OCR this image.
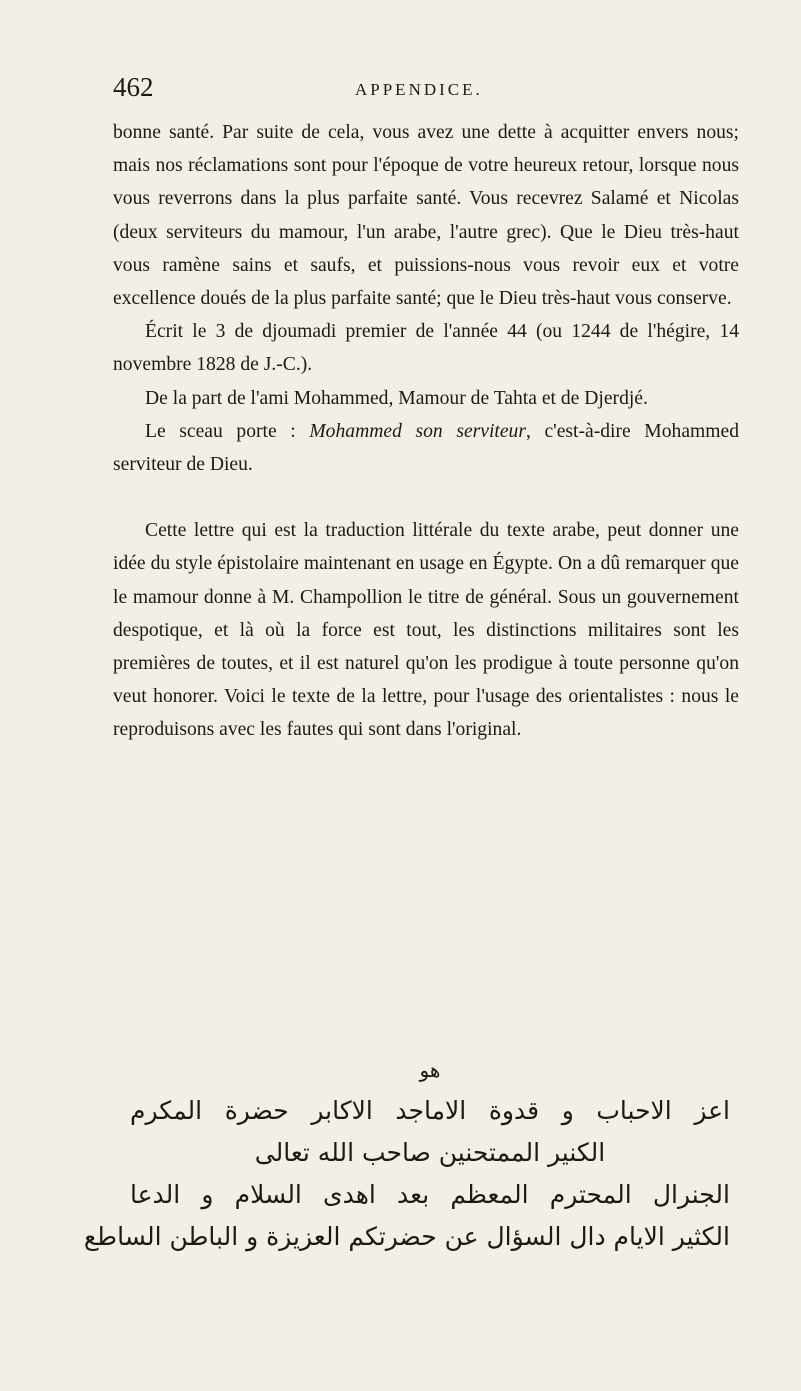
462	APPENDICE.

bonne santé. Par suite de cela, vous avez une dette à acquitter envers nous; mais nos réclamations sont pour l'époque de votre heureux retour, lorsque nous vous reverrons dans la plus parfaite santé. Vous recevrez Salamé et Nicolas (deux serviteurs du mamour, l'un arabe, l'autre grec). Que le Dieu très-haut vous ramène sains et saufs, et puissions-nous vous revoir eux et votre excellence doués de la plus parfaite santé; que le Dieu très-haut vous conserve.

Écrit le 3 de djoumadi premier de l'année 44 (ou 1244 de l'hégire, 14 novembre 1828 de J.-C.).

De la part de l'ami Mohammed, Mamour de Tahta et de Djerdjé.

Le sceau porte : Mohammed son serviteur, c'est-à-dire Mohammed serviteur de Dieu.

Cette lettre qui est la traduction littérale du texte arabe, peut donner une idée du style épistolaire maintenant en usage en Égypte. On a dû remarquer que le mamour donne à M. Champollion le titre de général. Sous un gouvernement despotique, et là où la force est tout, les distinctions militaires sont les premières de toutes, et il est naturel qu'on les prodigue à toute personne qu'on veut honorer. Voici le texte de la lettre, pour l'usage des orientalistes : nous le reproduisons avec les fautes qui sont dans l'original.

هو
اعز الاحباب و قدوة الاماجد الاكابر حضرة المكرم
الكنير الممتحنين صاحب الله تعالى
الجنرال المحترم المعظم بعد اهدى السلام و الدعا
الكثير الايام دال السؤال عن حضرتكم العزيزة و الباطن الساطع
